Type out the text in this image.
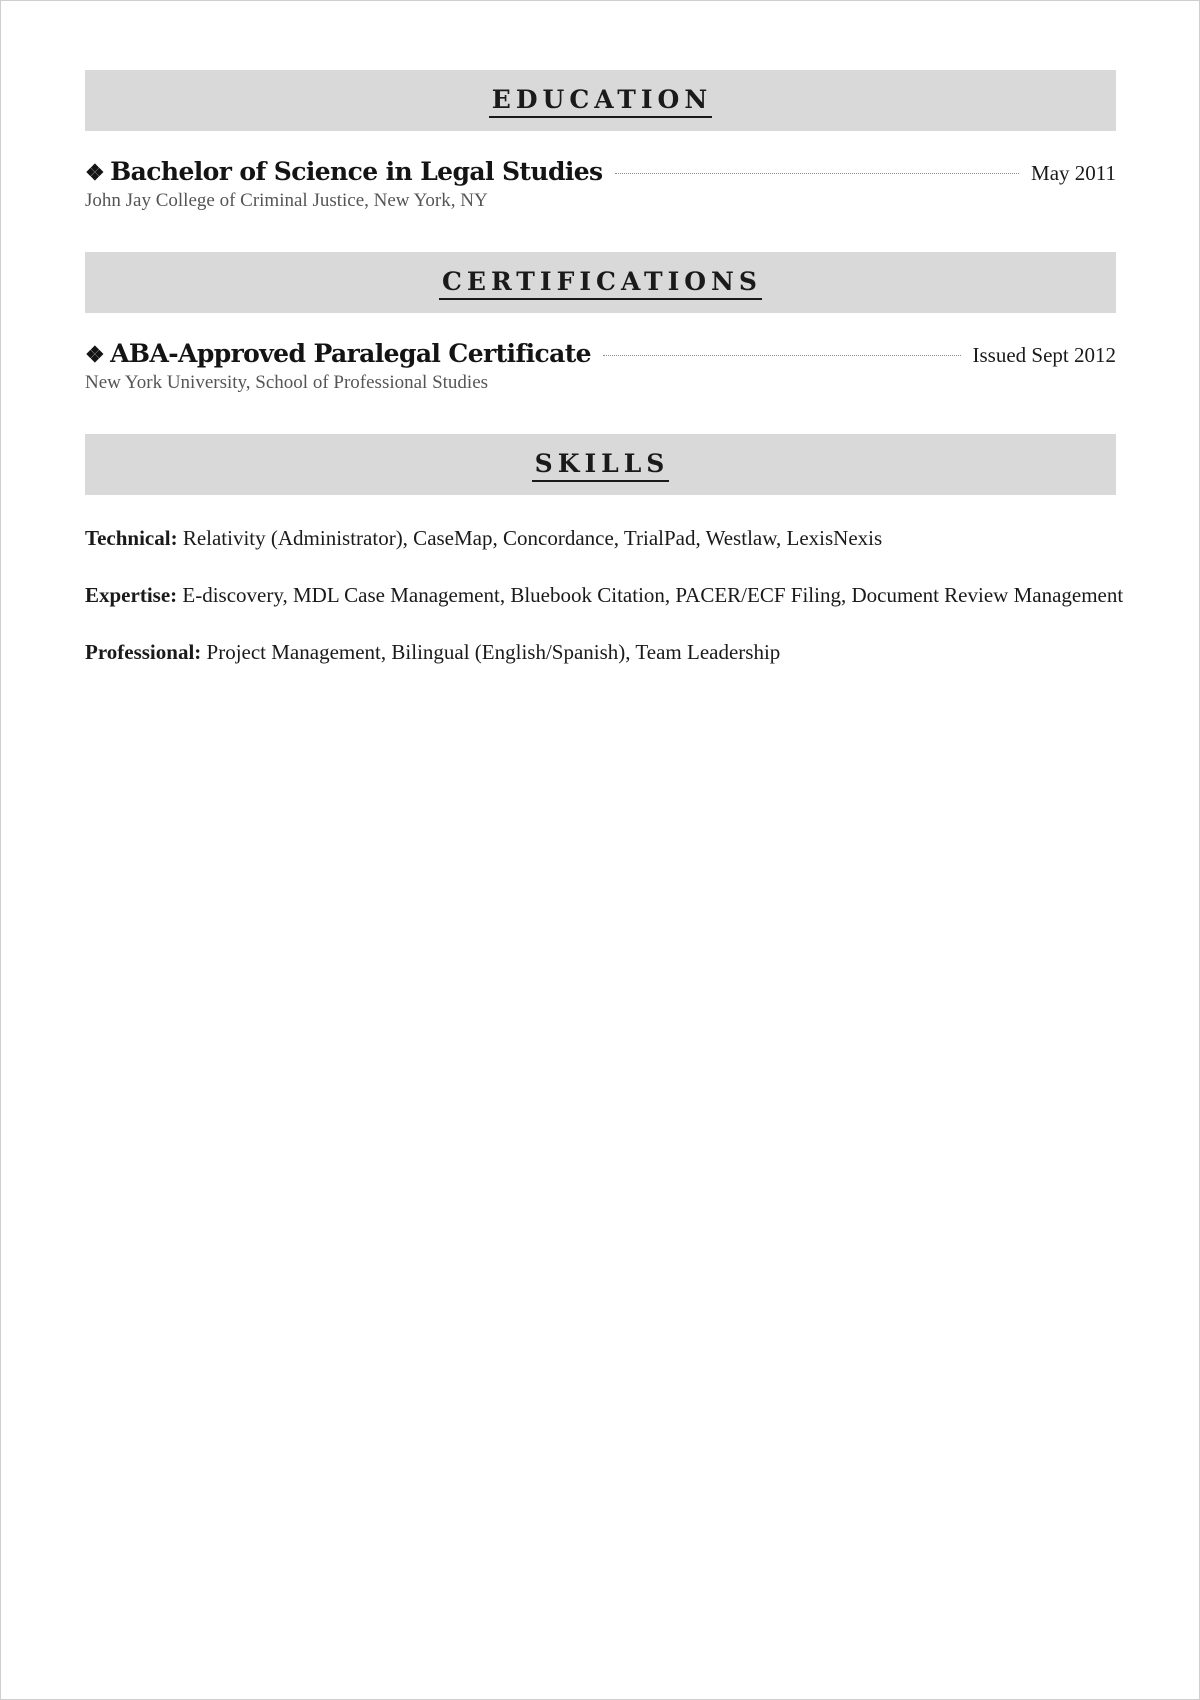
EDUCATION
❖ Bachelor of Science in Legal Studies	May 2011
John Jay College of Criminal Justice, New York, NY
CERTIFICATIONS
❖ ABA-Approved Paralegal Certificate	Issued Sept 2012
New York University, School of Professional Studies
SKILLS
Technical: Relativity (Administrator), CaseMap, Concordance, TrialPad, Westlaw, LexisNexis
Expertise: E-discovery, MDL Case Management, Bluebook Citation, PACER/ECF Filing, Document Review Management
Professional: Project Management, Bilingual (English/Spanish), Team Leadership
